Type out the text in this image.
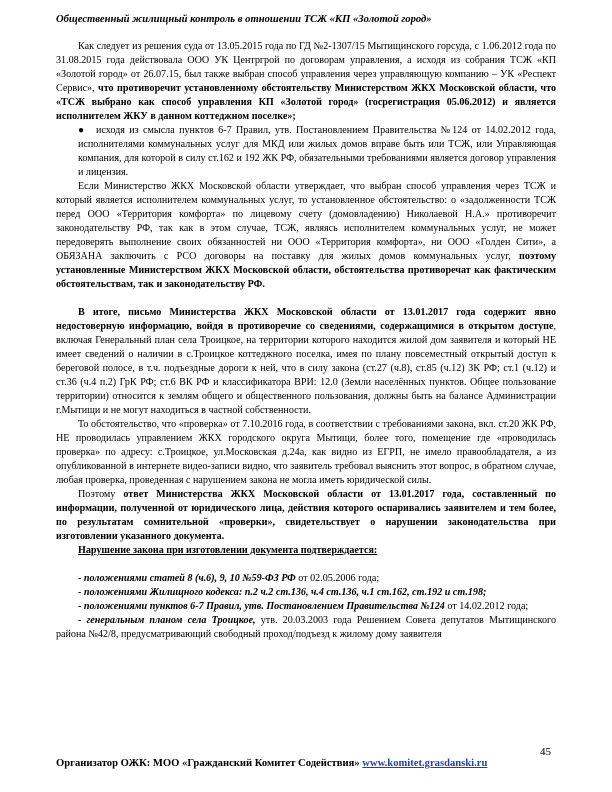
Общественный жилищный контроль в отношении ТСЖ «КП «Золотой город»

Как следует из решения суда от 13.05.2015 года по ГД №2-1307/15 Мытищинского горсуда, с 1.06.2012 года по 31.08.2015 года действовала ООО УК Центргрой по договорам управления, а исходя из собрания ТСЖ «КП «Золотой город» от 26.07.15, был также выбран способ управления через управляющую компанию – УК «Респект Сервис», что противоречит установленному обстоятельству Министерством ЖКХ Московской области, что «ТСЖ выбрано как способ управления КП «Золотой город» (госрегистрация 05.06.2012) и является исполнителем ЖКУ в данном коттеджном поселке»;

● исходя из смысла пунктов 6-7 Правил, утв. Постановлением Правительства №124 от 14.02.2012 года, исполнителями коммунальных услуг для МКД или жилых домов вправе быть или ТСЖ, или Управляющая компания, для которой в силу ст.162 и 192 ЖК РФ, обязательными требованиями является договор управления и лицензия.

Если Министерство ЖКХ Московской области утверждает, что выбран способ управления через ТСЖ и который является исполнителем коммунальных услуг, то установленное обстоятельство: о «задолженности ТСЖ перед ООО «Территория комфорта» по лицевому счету (домовладению) Николаевой Н.А.» противоречит законодательству РФ, так как в этом случае, ТСЖ, являясь исполнителем коммунальных услуг, не может передоверять выполнение своих обязанностей ни ООО «Территория комфорта», ни ООО «Голден Сити», а ОБЯЗАНА заключить с РСО договоры на поставку для жилых домов коммунальных услуг, поэтому установленные Министерством ЖКХ Московской области, обстоятельства противоречат как фактическим обстоятельствам, так и законодательству РФ.

В итоге, письмо Министерства ЖКХ Московской области от 13.01.2017 года содержит явно недостоверную информацию, войдя в противоречие со сведениями, содержащимися в открытом доступе, включая Генеральный план села Троицкое, на территории которого находится жилой дом заявителя и который НЕ имеет сведений о наличии в с.Троицкое коттеджного поселка, имея по плану повсеместный открытый доступ к береговой полосе, в т.ч. подъездные дороги к ней, что в силу закона (ст.27 (ч.8), ст.85 (ч.12) ЗК РФ; ст.1 (ч.12) и ст.36 (ч.4 п.2) ГрК РФ; ст.6 ВК РФ и классификатора ВРИ: 12.0 (Земли населённых пунктов. Общее пользование территории) относится к землям общего и общественного пользования, должны быть на балансе Администрации г.Мытищи и не могут находиться в частной собственности.

То обстоятельство, что «проверка» от 7.10.2016 года, в соответствии с требованиями закона, вкл. ст.20 ЖК РФ, НЕ проводилась управлением ЖКХ городского округа Мытищи, более того, помещение где «проводилась проверка» по адресу: с.Троицкое, ул.Московская д.24а, как видно из ЕГРП, не имело правообладателя, а из опубликованной в интернете видео-записи видно, что заявитель требовал выяснить этот вопрос, в обратном случае, любая проверка, проведенная с нарушением закона не могла иметь юридической силы.

Поэтому ответ Министерства ЖКХ Московской области от 13.01.2017 года, составленный по информации, полученной от юридического лица, действия которого оспаривались заявителем и тем более, по результатам сомнительной «проверки», свидетельствует о нарушении законодательства при изготовлении указанного документа.

Нарушение закона при изготовлении документа подтверждается:

- положениями статей 8 (ч.6), 9, 10 №59-ФЗ РФ от 02.05.2006 года;
- положениями Жилищного кодекса: п.2 ч.2 ст.136, ч.4 ст.136, ч.1 ст.162, ст.192 и ст.198;
- положениями пунктов 6-7 Правил, утв. Постановлением Правительства №124 от 14.02.2012 года;
- генеральным планом села Троицкое, утв. 20.03.2003 года Решением Совета депутатов Мытищинского района №42/8, предусматривающий свободный проход/подъезд к жилому дому заявителя
45
Организатор ОЖК: МОО «Гражданский Комитет Содействия» www.komitet.grasdanski.ru
